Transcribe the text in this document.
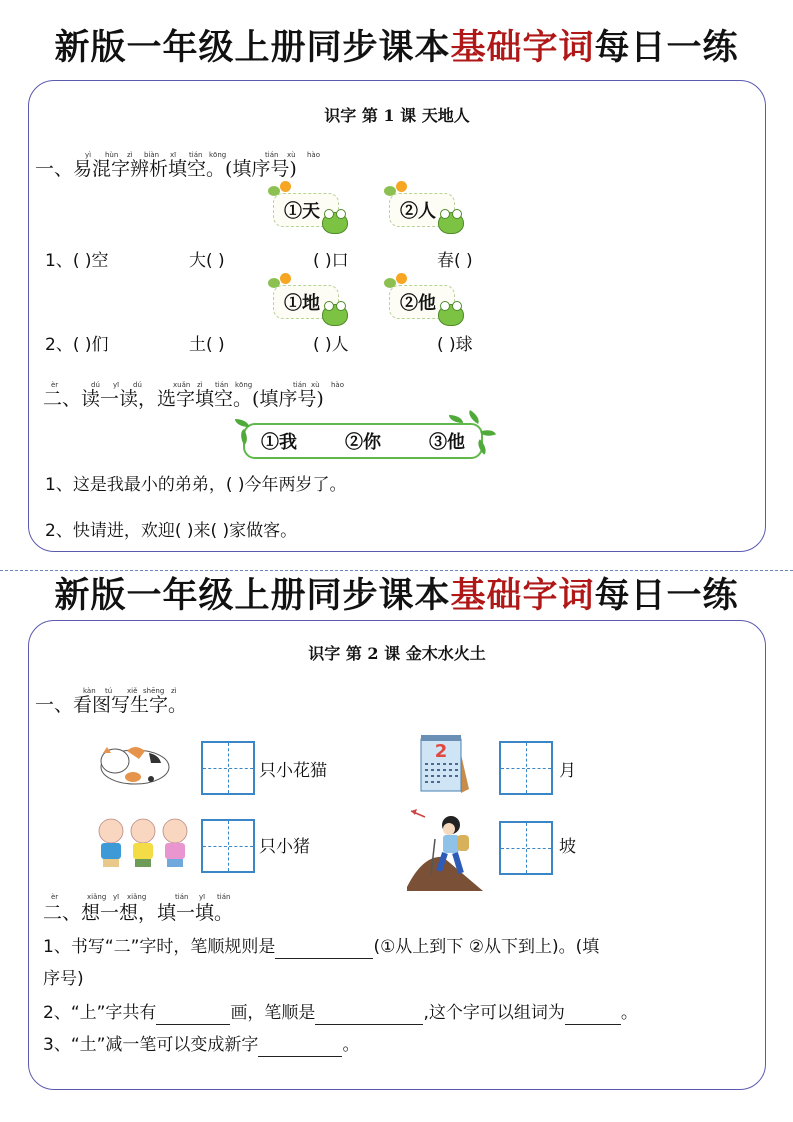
新版一年级上册同步课本基础字词每日一练
识字 第 1 课 天地人
yì hùn zì biàn xī tián kōng	tián xù hào
一、易混字辨析填空。(填序号)
①天	②人
1、( )空	大( )	( )口	春( )
①地	②他
2、( )们	土( )	( )人	( )球
èr	dú yī dú	xuǎn zì tián kōng	tián xù hào
二、读一读，选字填空。(填序号)
①我	②你	③他
1、这是我最小的弟弟，( )今年两岁了。
2、快请进，欢迎( )来( )家做客。
新版一年级上册同步课本基础字词每日一练
识字 第 2 课 金木水火土
kàn tú xiě shēng zì
一、看图写生字。
只小花猫
2
月
只小猪	坡
èr	xiǎng yī xiǎng	tián yī tián
二、想一想，填一填。
1、书写“二”字时，笔顺规则是	(①从上到下 ②从下到上)。(填
序号)
2、“上”字共有	画，笔顺是	,这个字可以组词为	。
3、“土”减一笔可以变成新字	。
